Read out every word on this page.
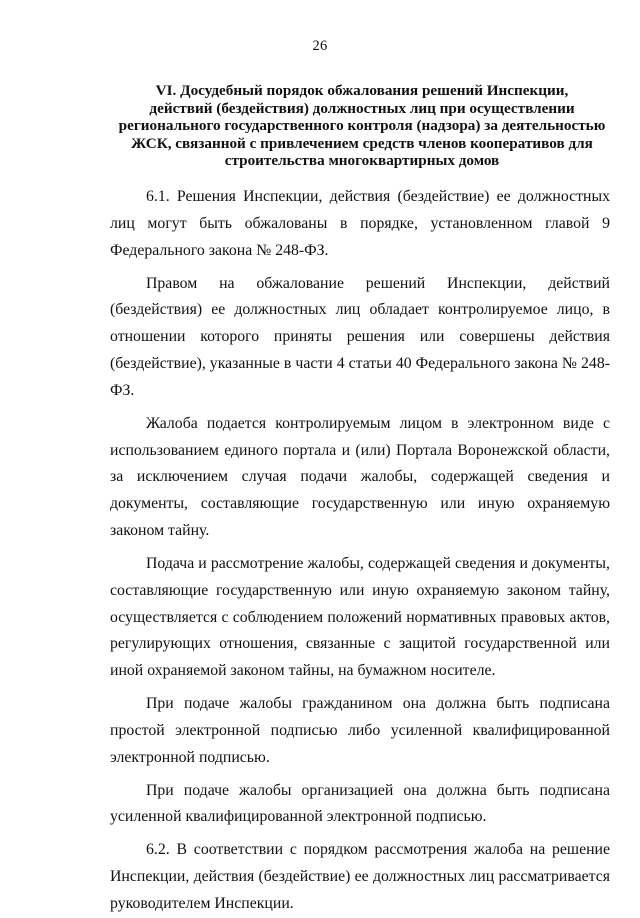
26
VI. Досудебный порядок обжалования решений Инспекции,
действий (бездействия) должностных лиц при осуществлении
регионального государственного контроля (надзора) за деятельностью
ЖСК, связанной с привлечением средств членов кооперативов для
строительства многоквартирных домов

6.1. Решения Инспекции, действия (бездействие) ее должностных лиц могут быть обжалованы в порядке, установленном главой 9 Федерального закона № 248-ФЗ.

Правом на обжалование решений Инспекции, действий (бездействия) ее должностных лиц обладает контролируемое лицо, в отношении которого приняты решения или совершены действия (бездействие), указанные в части 4 статьи 40 Федерального закона № 248-ФЗ.

Жалоба подается контролируемым лицом в электронном виде с использованием единого портала и (или) Портала Воронежской области, за исключением случая подачи жалобы, содержащей сведения и документы, составляющие государственную или иную охраняемую законом тайну.

Подача и рассмотрение жалобы, содержащей сведения и документы, составляющие государственную или иную охраняемую законом тайну, осуществляется с соблюдением положений нормативных правовых актов, регулирующих отношения, связанные с защитой государственной или иной охраняемой законом тайны, на бумажном носителе.

При подаче жалобы гражданином она должна быть подписана простой электронной подписью либо усиленной квалифицированной электронной подписью.

При подаче жалобы организацией она должна быть подписана усиленной квалифицированной электронной подписью.

6.2. В соответствии с порядком рассмотрения жалоба на решение Инспекции, действия (бездействие) ее должностных лиц рассматривается руководителем Инспекции.
